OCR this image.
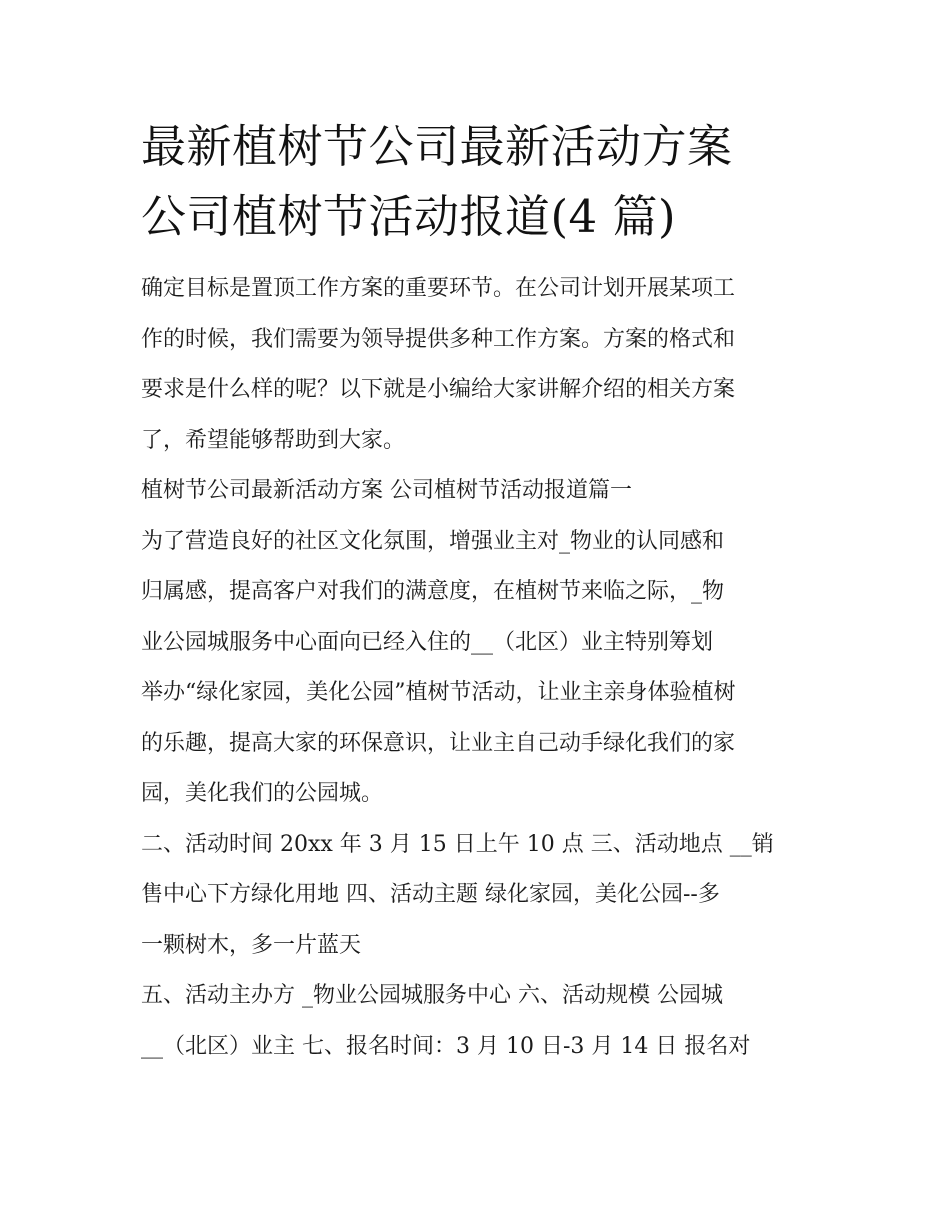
最新植树节公司最新活动方案
公司植树节活动报道(4 篇)
确定目标是置顶工作方案的重要环节。在公司计划开展某项工
作的时候，我们需要为领导提供多种工作方案。方案的格式和
要求是什么样的呢？以下就是小编给大家讲解介绍的相关方案
了，希望能够帮助到大家。
植树节公司最新活动方案 公司植树节活动报道篇一
为了营造良好的社区文化氛围，增强业主对_物业的认同感和
归属感，提高客户对我们的满意度，在植树节来临之际，_物
业公园城服务中心面向已经入住的__（北区）业主特别筹划
举办“绿化家园，美化公园”植树节活动，让业主亲身体验植树
的乐趣，提高大家的环保意识，让业主自己动手绿化我们的家
园，美化我们的公园城。
二、活动时间 20xx 年 3 月 15 日上午 10 点 三、活动地点 __销
售中心下方绿化用地 四、活动主题 绿化家园，美化公园--多
一颗树木，多一片蓝天
五、活动主办方 _物业公园城服务中心 六、活动规模 公园城
__（北区）业主 七、报名时间：3 月 10 日-3 月 14 日 报名对
